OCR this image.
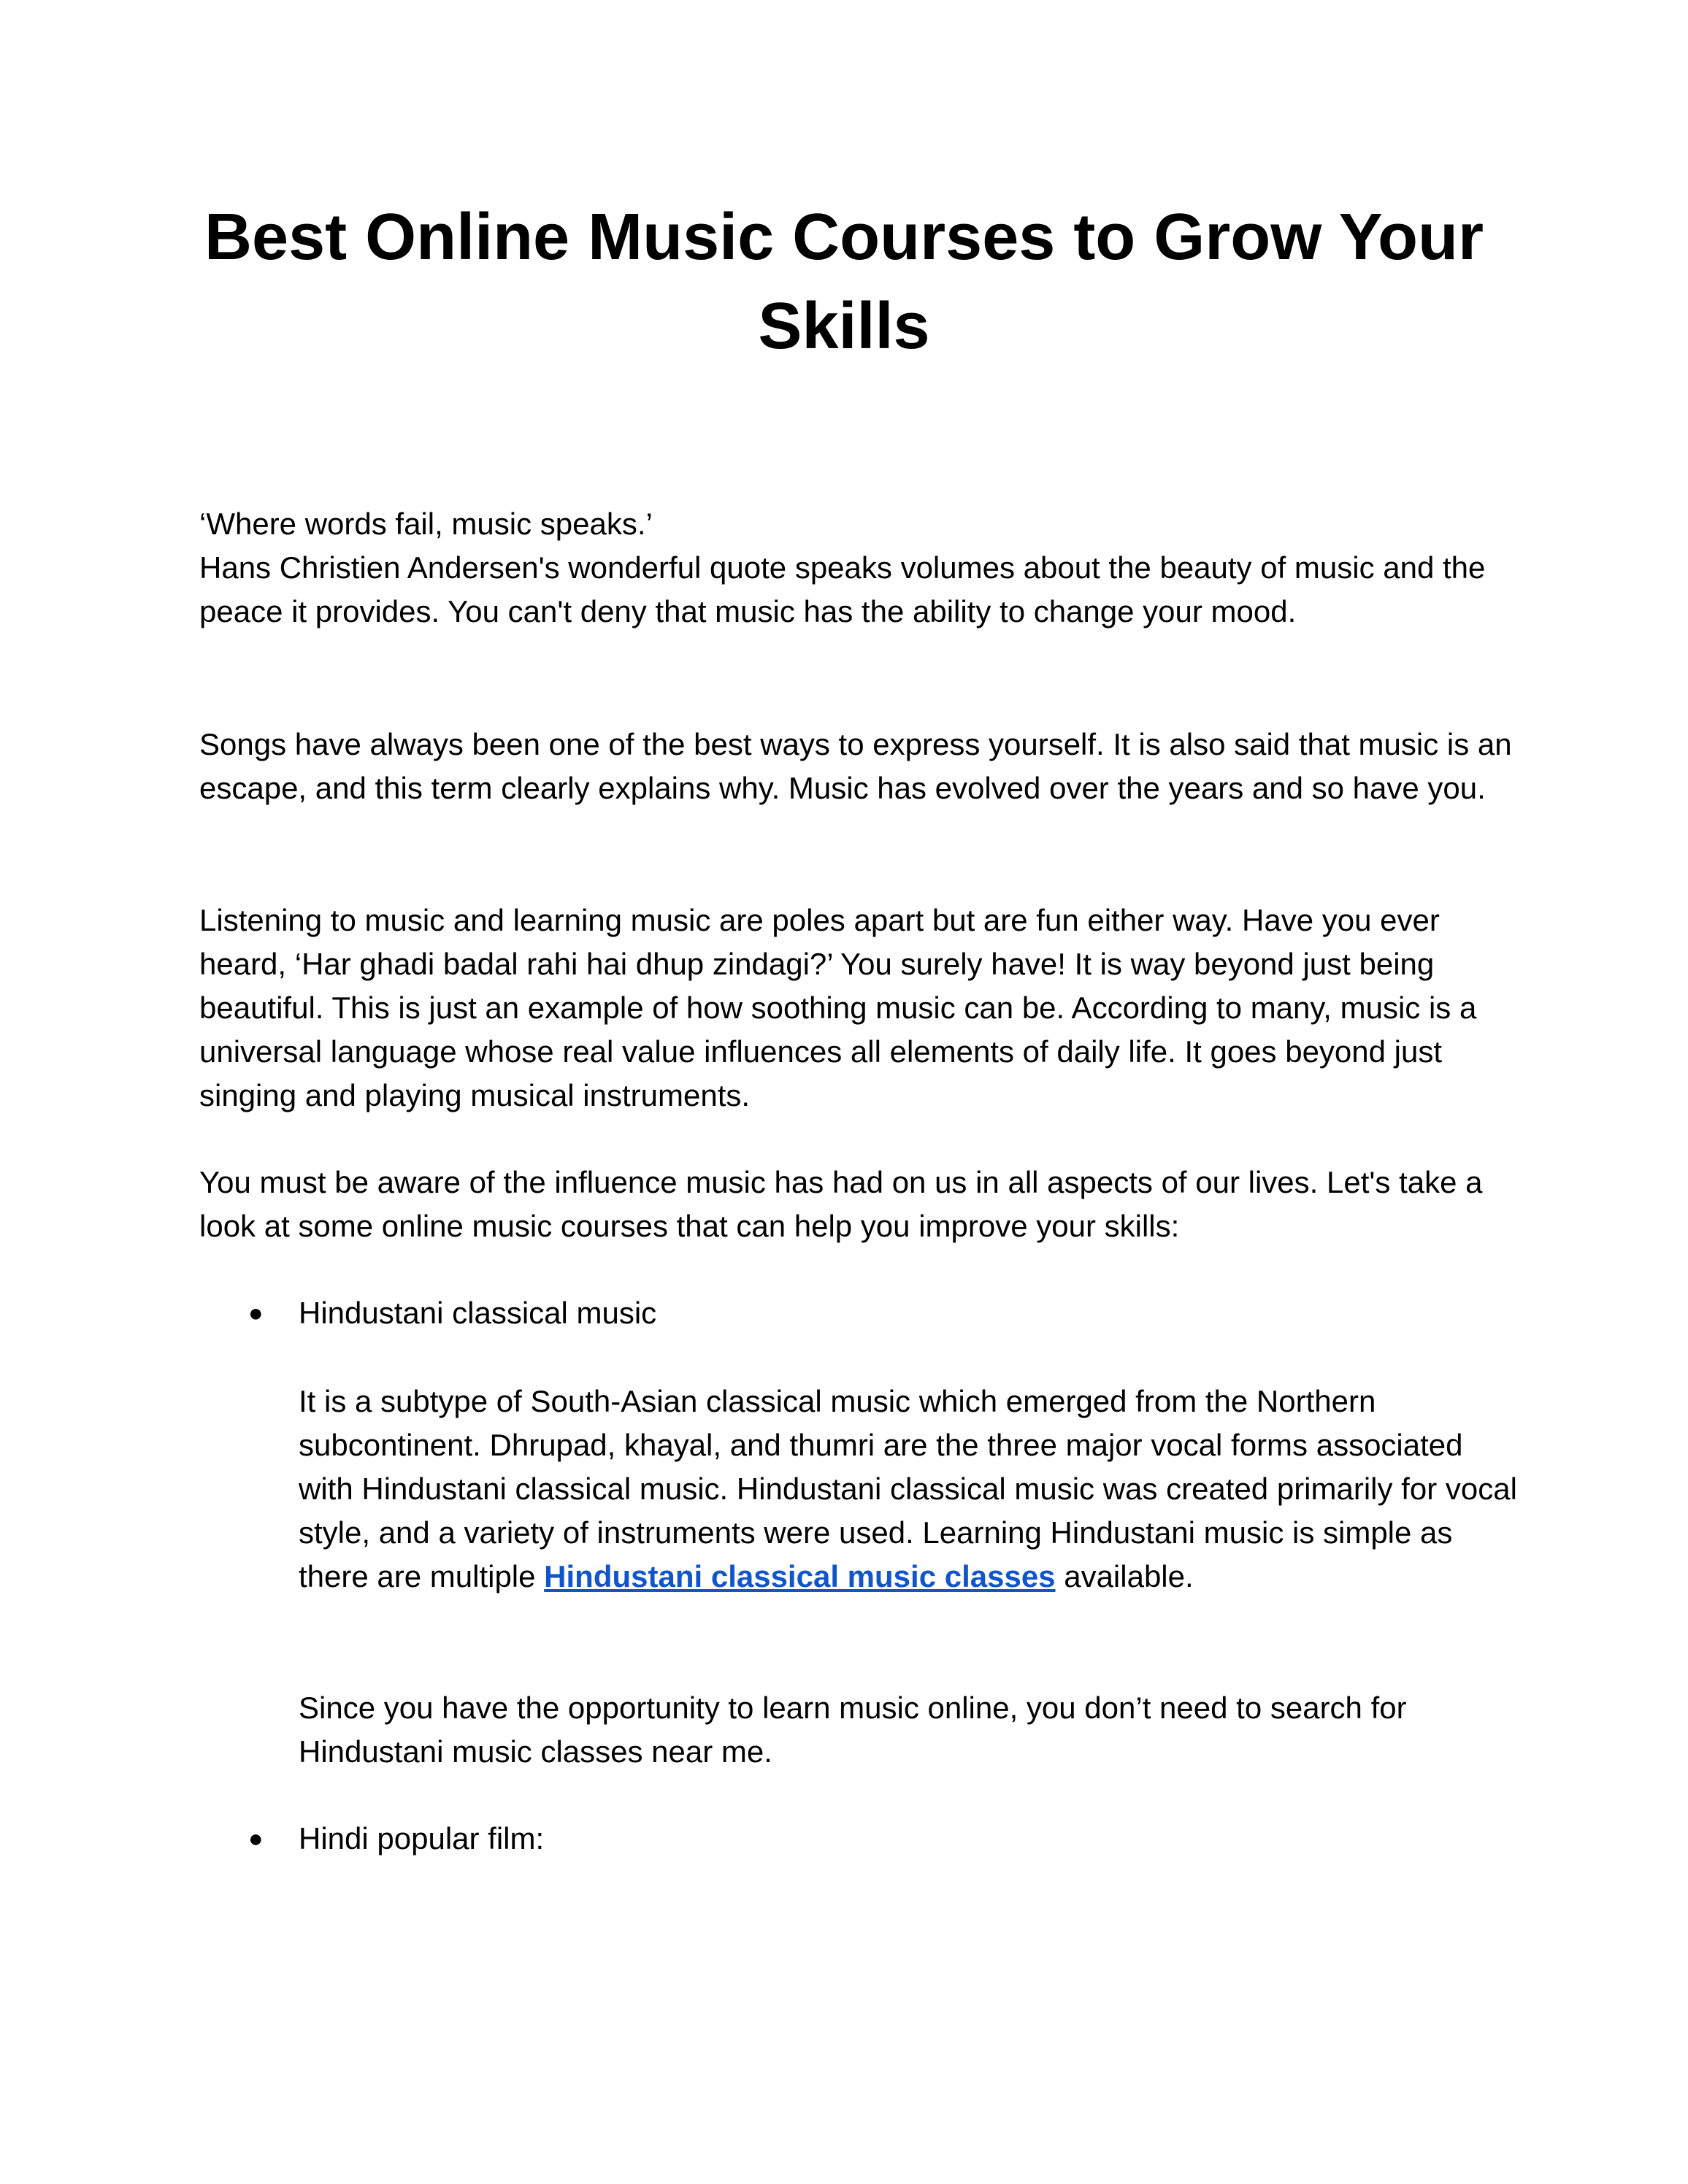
Best Online Music Courses to Grow Your Skills
‘Where words fail, music speaks.’
Hans Christien Andersen's wonderful quote speaks volumes about the beauty of music and the peace it provides. You can't deny that music has the ability to change your mood.

Songs have always been one of the best ways to express yourself. It is also said that music is an escape, and this term clearly explains why. Music has evolved over the years and so have you.

Listening to music and learning music are poles apart but are fun either way. Have you ever heard, ‘Har ghadi badal rahi hai dhup zindagi?’ You surely have! It is way beyond just being beautiful. This is just an example of how soothing music can be. According to many, music is a universal language whose real value influences all elements of daily life. It goes beyond just singing and playing musical instruments.

You must be aware of the influence music has had on us in all aspects of our lives. Let's take a look at some online music courses that can help you improve your skills:

● Hindustani classical music

It is a subtype of South-Asian classical music which emerged from the Northern subcontinent. Dhrupad, khayal, and thumri are the three major vocal forms associated with Hindustani classical music. Hindustani classical music was created primarily for vocal style, and a variety of instruments were used. Learning Hindustani music is simple as there are multiple Hindustani classical music classes available.

Since you have the opportunity to learn music online, you don’t need to search for Hindustani music classes near me.

● Hindi popular film:
